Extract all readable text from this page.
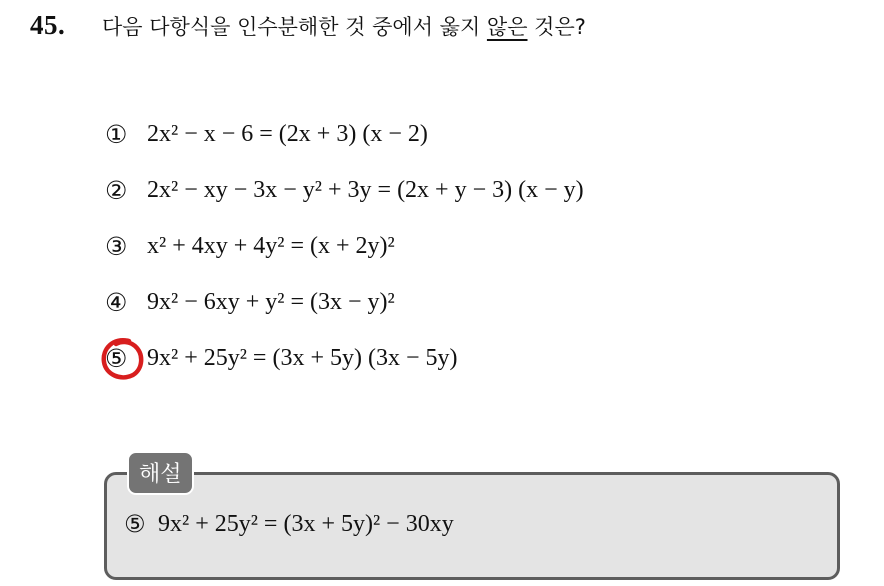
45.	다음 다항식을 인수분해한 것 중에서 옳지 않은 것은?
① 2x² − x − 6 = (2x + 3) (x − 2)
② 2x² − xy − 3x − y² + 3y = (2x + y − 3) (x − y)
③ x² + 4xy + 4y² = (x + 2y)²
④ 9x² − 6xy + y² = (3x − y)²
⑤ 9x² + 25y² = (3x + 5y) (3x − 5y)
해설
⑤ 9x² + 25y² = (3x + 5y)² − 30xy
